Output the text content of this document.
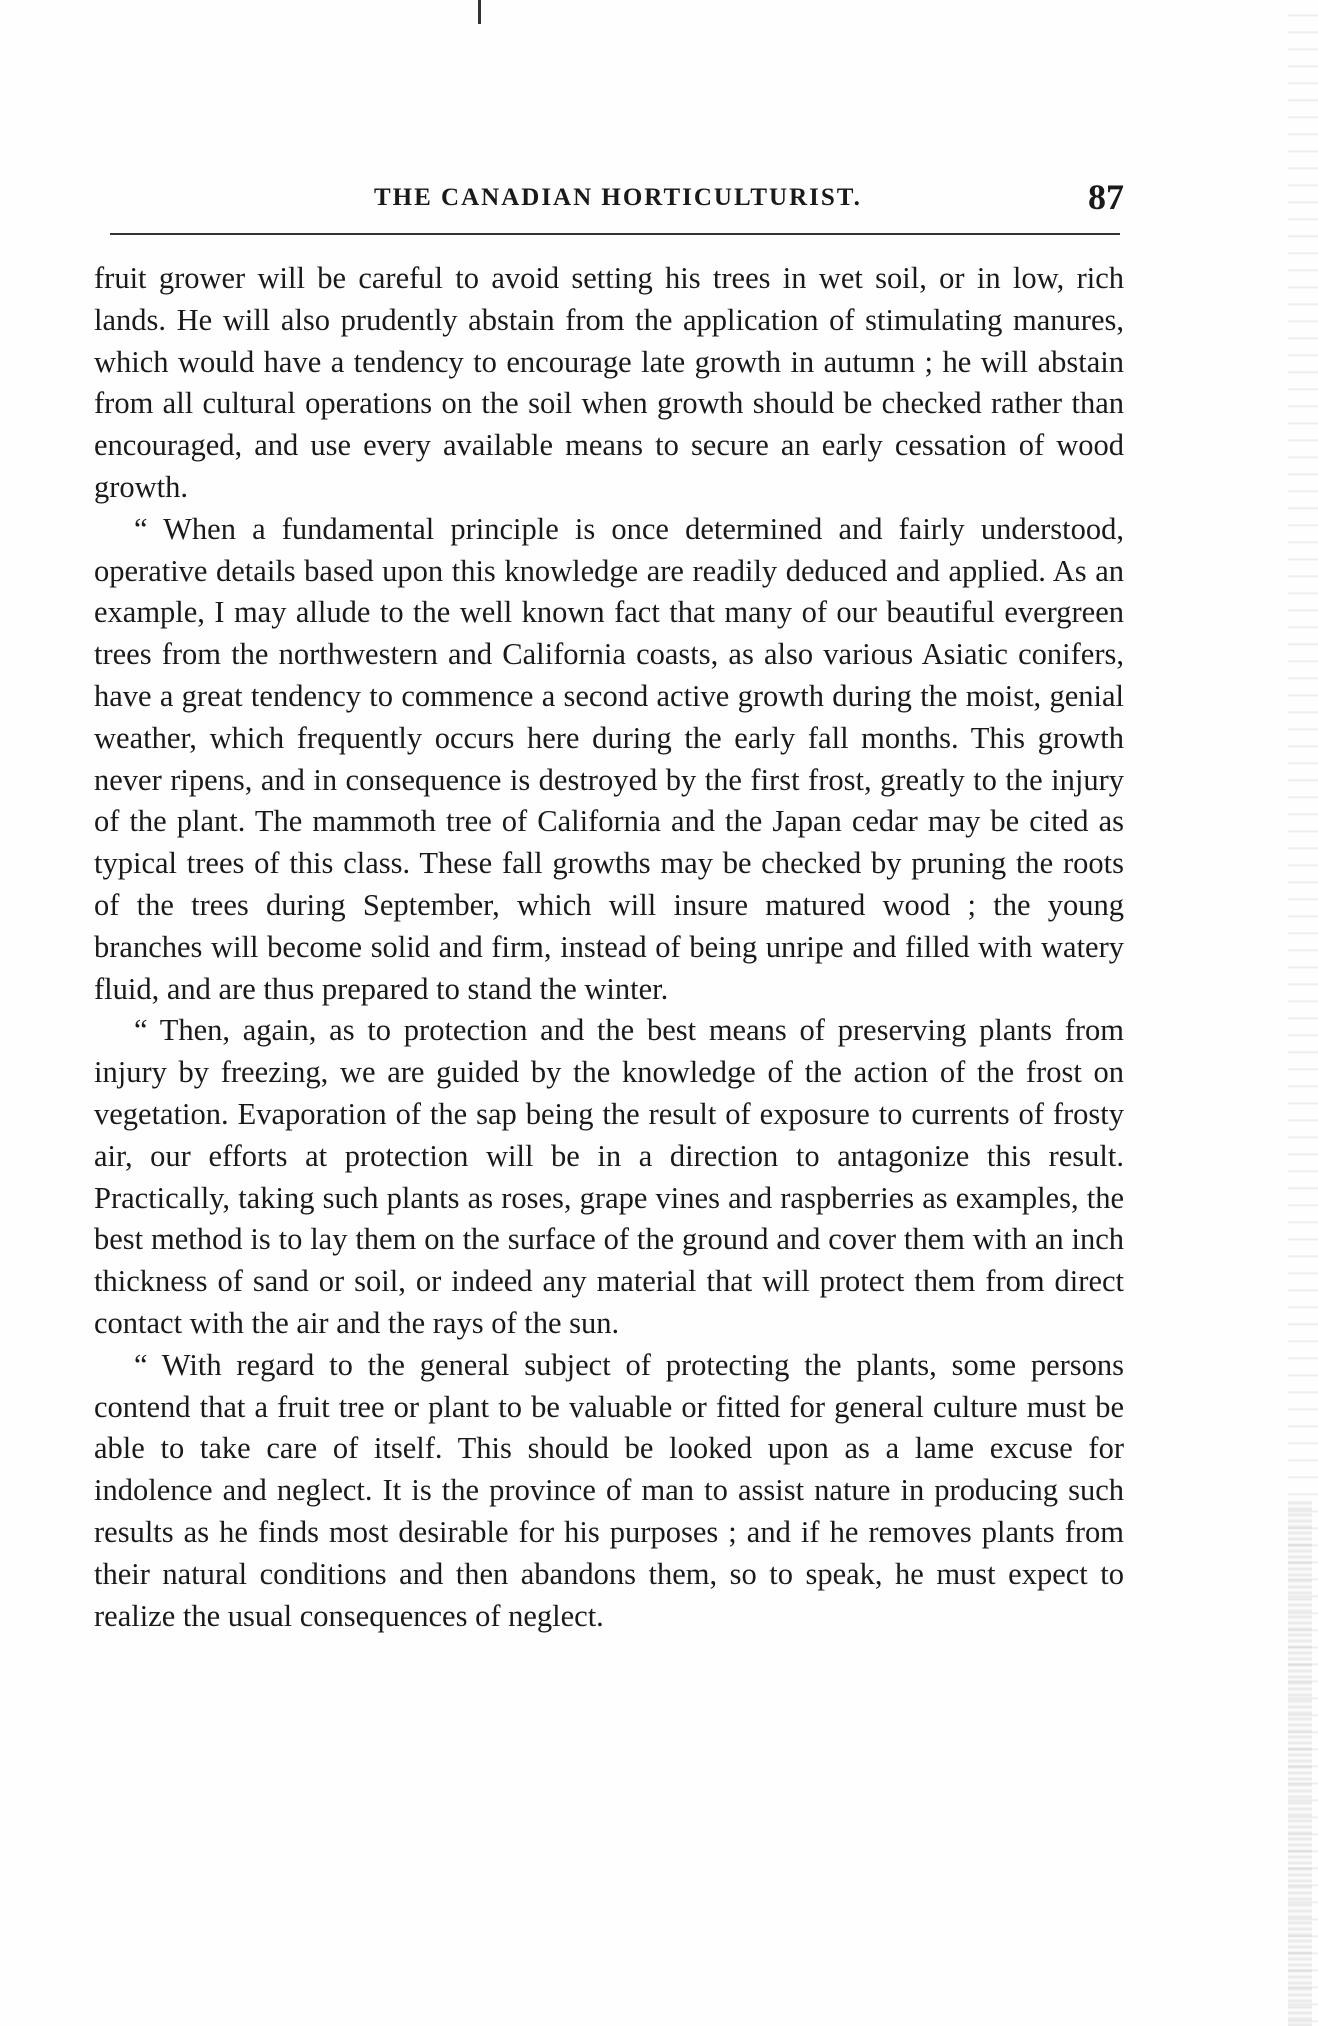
THE CANADIAN HORTICULTURIST.	87

fruit grower will be careful to avoid setting his trees in wet soil, or in low, rich lands. He will also prudently abstain from the application of stimulating manures, which would have a tendency to encourage late growth in autumn ; he will abstain from all cultural operations on the soil when growth should be checked rather than encouraged, and use every available means to secure an early cessation of wood growth.

“ When a fundamental principle is once determined and fairly understood, operative details based upon this knowledge are readily deduced and applied. As an example, I may allude to the well known fact that many of our beautiful evergreen trees from the northwestern and California coasts, as also various Asiatic conifers, have a great tendency to commence a second active growth during the moist, genial weather, which frequently occurs here during the early fall months. This growth never ripens, and in consequence is destroyed by the first frost, greatly to the injury of the plant. The mammoth tree of California and the Japan cedar may be cited as typical trees of this class. These fall growths may be checked by pruning the roots of the trees during September, which will insure matured wood ; the young branches will become solid and firm, instead of being unripe and filled with watery fluid, and are thus prepared to stand the winter.

“ Then, again, as to protection and the best means of preserving plants from injury by freezing, we are guided by the knowledge of the action of the frost on vegetation. Evaporation of the sap being the result of exposure to currents of frosty air, our efforts at protection will be in a direction to antagonize this result. Practically, taking such plants as roses, grape vines and raspberries as examples, the best method is to lay them on the surface of the ground and cover them with an inch thickness of sand or soil, or indeed any material that will protect them from direct contact with the air and the rays of the sun.

“ With regard to the general subject of protecting the plants, some persons contend that a fruit tree or plant to be valuable or fitted for general culture must be able to take care of itself. This should be looked upon as a lame excuse for indolence and neglect. It is the province of man to assist nature in producing such results as he finds most desirable for his purposes ; and if he removes plants from their natural conditions and then abandons them, so to speak, he must expect to realize the usual consequences of neglect.
